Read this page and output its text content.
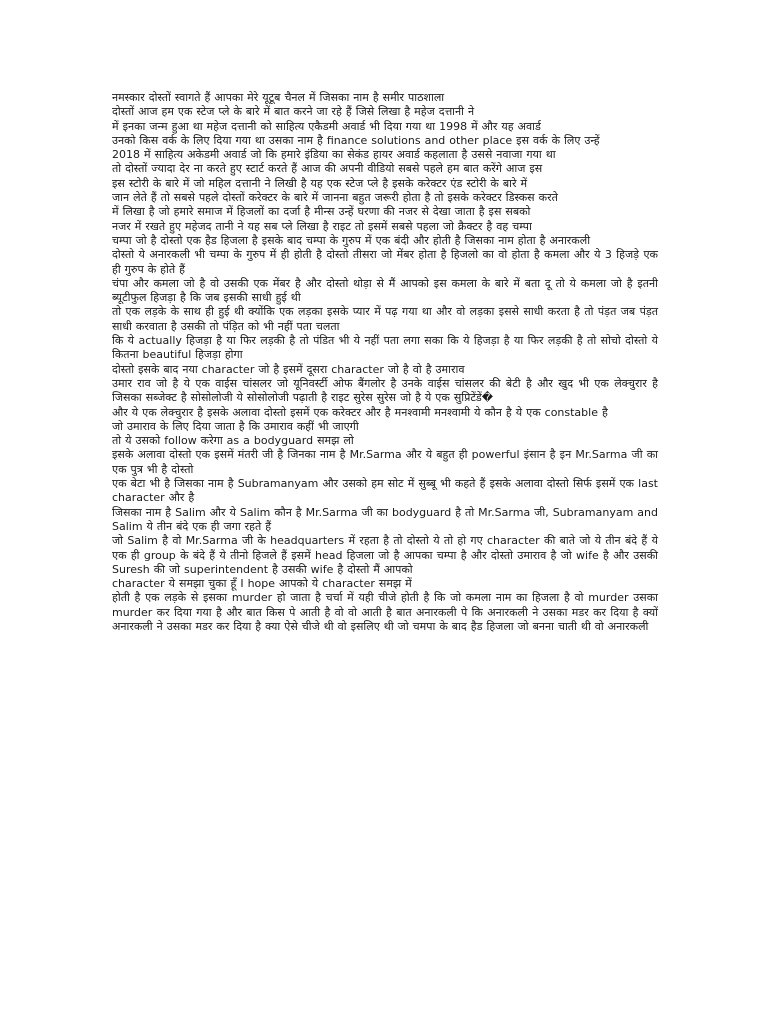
नमस्कार दोस्तों स्वागते हैं आपका मेरे यूटूब चैनल में जिसका नाम है समीर पाठशाला

दोस्तों आज हम एक स्टेज प्ले के बारे में बात करने जा रहे हैं जिसे लिखा है महेज दत्तानी ने

में इनका जन्म हुआ था महेज दत्तानी को साहित्य एकैडमी अवार्ड भी दिया गया था 1998 में और यह अवार्ड

उनको किस वर्क के लिए दिया गया था उसका नाम है finance solutions and other place इस वर्क के लिए उन्हें

2018 में साहित्य अकेडमी अवार्ड जो कि हमारे इंडिया का सेकंड हायर अवार्ड कहलाता है उससे नवाजा गया था

तो दोस्तों ज्यादा देर ना करते हुए स्टार्ट करते हैं आज की अपनी वीडियो सबसे पहले हम बात करेंगे आज इस

इस स्टोरी के बारे में जो महिल दत्तानी ने लिखी है यह एक स्टेज प्ले है इसके करेक्टर एंड स्टोरी के बारे में

जान लेते हैं तो सबसे पहले दोस्तों करेक्टर के बारे में जानना बहुत जरूरी होता है तो इसके करेक्टर डिस्कस करते

में लिखा है जो हमारे समाज में हिजलों का दर्जा है मीन्स उन्हें घरणा की नजर से देखा जाता है इस सबको

नजर में रखते हुए महेजद तानी ने यह सब प्ले लिखा है राइट तो इसमें सबसे पहला जो क्रैक्टर है वह चम्पा

चम्पा जो है दोस्तो एक हैड हिजला है इसके बाद चम्पा के गुरुप में एक बंदी और होती है जिसका नाम होता है अनारकली

दोस्तो ये अनारकली भी चम्पा के गुरुप में ही होती है दोस्तो तीसरा जो मेंबर होता है हिजलो का वो होता है कमला और ये 3 हिजड़े एक ही गुरुप के होते हैं

चंपा और कमला जो है वो उसकी एक मेंबर है और दोस्तो थोड़ा से मैं आपको इस कमला के बारे में बता दू तो ये कमला जो है इतनी ब्यूटीफुल हिजड़ा है कि जब इसकी साधी हुई थी

तो एक लड़के के साथ ही हुई थी क्योंकि एक लड़का इसके प्यार में पढ़ गया था और वो लड़का इससे साधी करता है तो पंड़त जब पंड़त साधी करवाता है उसकी तो पंड़ित को भी नहीं पता चलता

कि ये actually हिजड़ा है या फिर लड़की है तो पंडित भी ये नहीं पता लगा सका कि ये हिजड़ा है या फिर लड़की है तो सोचो दोस्तो ये कितना beautiful हिजड़ा होगा

दोस्तो इसके बाद नया character जो है इसमें दूसरा character जो है वो है उमाराव

उमार राव जो है ये एक वाईस चांसलर जो यूनिवर्स्टी ओफ बैंगलोर है उनके वाईस चांसलर की बेटी है और खुद भी एक लेक्चुरार है जिसका सब्जेक्ट है सोसोलोजी ये सोसोलोजी पढ़ाती है राइट सुरेस सुरेस जो है ये एक सुप्रिटेंडें�

और ये एक लेक्चुरार है इसके अलावा दोस्तो इसमें एक करेक्टर और है मनश्वामी मनश्वामी ये कौन है ये एक constable है

जो उमाराव के लिए दिया जाता है कि उमाराव कहीं भी जाएगी

तो ये उसको follow करेगा as a bodyguard समझ लो

इसके अलावा दोस्तो एक इसमें मंतरी जी है जिनका नाम है Mr.Sarma और ये बहुत ही powerful इंसान है इन Mr.Sarma जी का एक पुत्र भी है दोस्तो

एक बेटा भी है जिसका नाम है Subramanyam और उसको हम सोट में सुब्बू भी कहते हैं इसके अलावा दोस्तो सिर्फ इसमें एक last character और है

जिसका नाम है Salim और ये Salim कौन है Mr.Sarma जी का bodyguard है तो Mr.Sarma जी, Subramanyam and Salim ये तीन बंदे एक ही जगा रहते हैं

जो Salim है वो Mr.Sarma जी के headquarters में रहता है तो दोस्तो ये तो हो गए character की बाते जो ये तीन बंदे हैं ये एक ही group के बंदे हैं ये तीनो हिजले हैं इसमें head हिजला जो है आपका चम्पा है और दोस्तो उमाराव है जो wife है और उसकी Suresh की जो superintendent है उसकी wife है दोस्तो मैं आपको

character ये समझा चुका हूँ I hope आपको ये character समझ में

होती है एक लड़के से इसका murder हो जाता है चर्चा में यही चीजे होती है कि जो कमला नाम का हिजला है वो murder उसका murder कर दिया गया है और बात किस पे आती है वो वो आती है बात अनारकली पे कि अनारकली ने उसका मडर कर दिया है क्यों अनारकली ने उसका मडर कर दिया है क्या ऐसे चीजे थी वो इसलिए थी जो चमपा के बाद हैड हिजला जो बनना चाती थी वो अनारकली
